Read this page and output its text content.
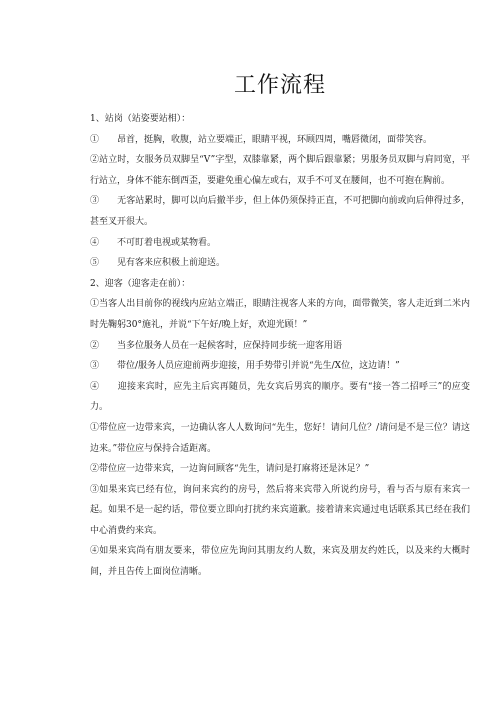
工作流程

1、站岗（站姿要站相）：

①　　昂首，挺胸，收腹，站立要端正，眼睛平视，环顾四周，嘴唇微闭，面带笑容。

②站立时，女服务员双脚呈“V”字型，双膝靠紧，两个脚后跟靠紧；男服务员双脚与肩同宽，平行站立，身体不能东倒西歪，要避免重心偏左或右，双手不可叉在腰间，也不可抱在胸前。

③　　无客站累时，脚可以向后撤半步，但上体仍须保持正直，不可把脚向前或向后伸得过多，甚至叉开很大。

④　　不可盯着电视或某物看。

⑤　　见有客来应积极上前迎送。

2、迎客（迎客走在前）：

①当客人出目前你的视线内应站立端正，眼睛注视客人来的方向，面带微笑，客人走近到二米内时先鞠躬30°施礼，并说“下午好/晚上好，欢迎光顾！”

②　　当多位服务人员在一起候客时，应保持同步统一迎客用语

③　　带位/服务人员应迎前两步迎接，用手势带引并说“先生/X位，这边请！”

④　　迎接来宾时，应先主后宾再随员，先女宾后男宾的顺序。要有“接一答二招呼三”的应变力。

①带位应一边带来宾，一边确认客人人数询问“先生，您好！请问几位？/请问是不是三位？请这边来。”带位应与保持合适距离。

②带位应一边带来宾，一边询问顾客“先生，请问是打麻将还是沐足？”

③如果来宾已经有位，询问来宾约的房号，然后将来宾带入所说约房号，看与否与原有来宾一起。如果不是一起约话，带位要立即向打扰约来宾道歉。接着请来宾通过电话联系其已经在我们中心消费约来宾。

④如果来宾尚有朋友要来，带位应先询问其朋友约人数，来宾及朋友约姓氏，以及来约大概时间，并且告传上面岗位清晰。
